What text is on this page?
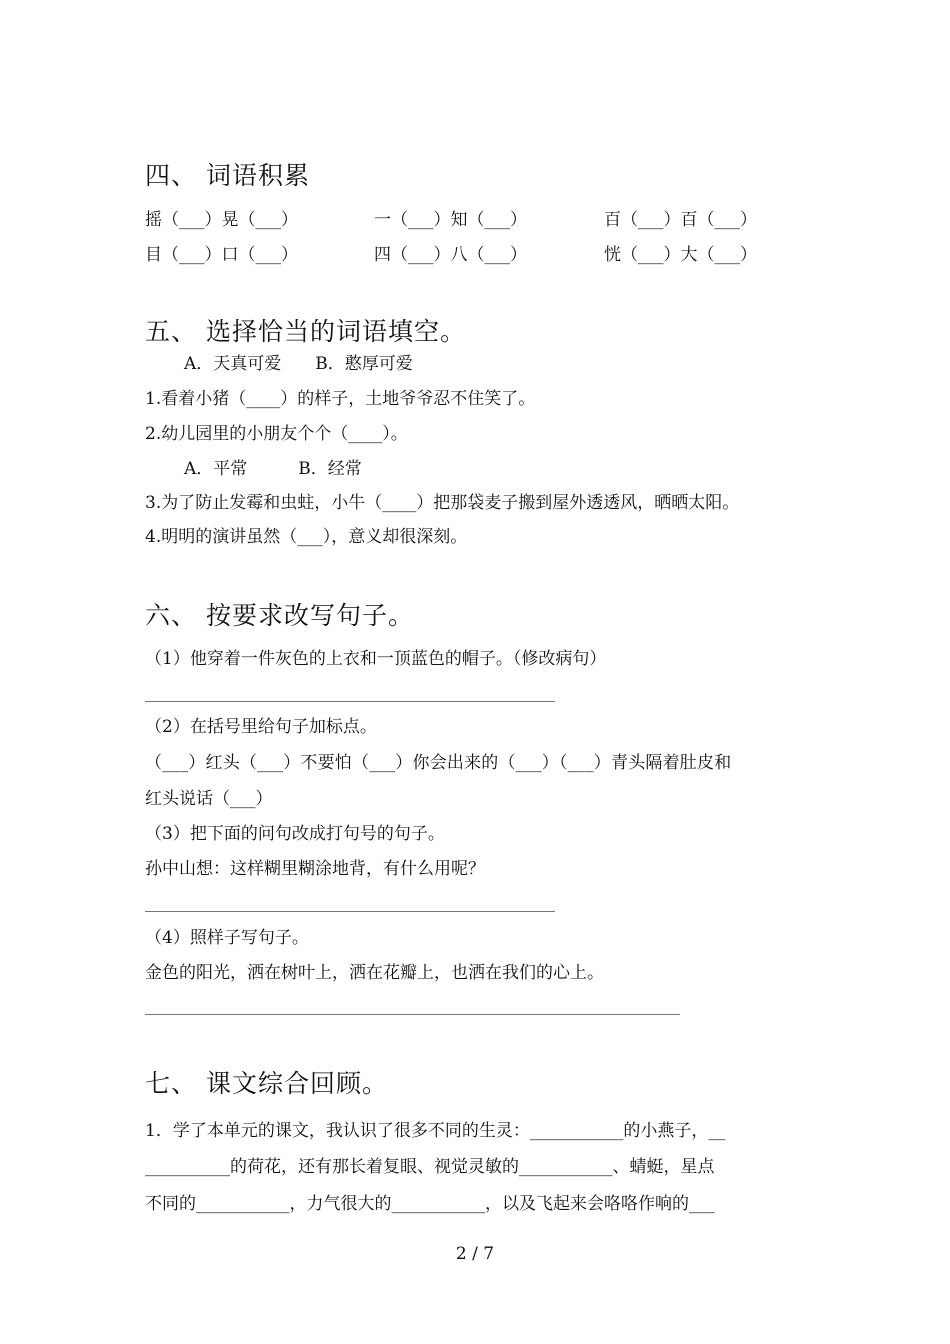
四、 词语积累
摇（___）晃（___）	一（___）知（___）	百（___）百（___）
目（___）口（___）	四（___）八（___）	恍（___）大（___）
五、 选择恰当的词语填空。
A．天真可爱　　B．憨厚可爱
1.看着小猪（____）的样子，土地爷爷忍不住笑了。
2.幼儿园里的小朋友个个（____）。
A．平常　　　B．经常
3.为了防止发霉和虫蛀，小牛（____）把那袋麦子搬到屋外透透风，晒晒太阳。
4.明明的演讲虽然（___），意义却很深刻。
六、 按要求改写句子。
（1）他穿着一件灰色的上衣和一顶蓝色的帽子。（修改病句）
（2）在括号里给句子加标点。
（___）红头（___）不要怕（___）你会出来的（___）（___）青头隔着肚皮和
红头说话（___）
（3）把下面的问句改成打句号的句子。
孙中山想：这样糊里糊涂地背，有什么用呢？
（4）照样子写句子。
金色的阳光，洒在树叶上，洒在花瓣上，也洒在我们的心上。
七、 课文综合回顾。
1．学了本单元的课文，我认识了很多不同的生灵：___________的小燕子，__
__________的荷花，还有那长着复眼、视觉灵敏的___________、蜻蜓，星点
不同的___________，力气很大的___________，以及飞起来会咯咯作响的___
2 / 7
